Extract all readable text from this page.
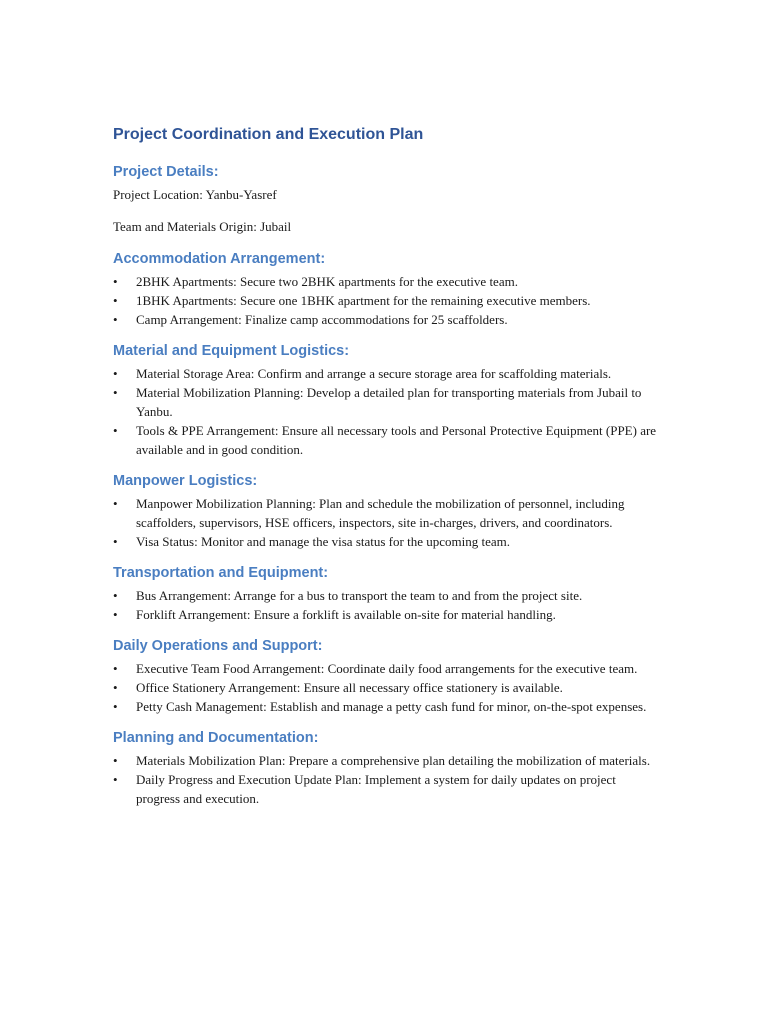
Project Coordination and Execution Plan
Project Details:

Project Location: Yanbu-Yasref

Team and Materials Origin: Jubail

Accommodation Arrangement:
• 2BHK Apartments: Secure two 2BHK apartments for the executive team.
• 1BHK Apartments: Secure one 1BHK apartment for the remaining executive members.
• Camp Arrangement: Finalize camp accommodations for 25 scaffolders.
Material and Equipment Logistics:
• Material Storage Area: Confirm and arrange a secure storage area for scaffolding materials.
• Material Mobilization Planning: Develop a detailed plan for transporting materials from Jubail to Yanbu.
• Tools & PPE Arrangement: Ensure all necessary tools and Personal Protective Equipment (PPE) are available and in good condition.
Manpower Logistics:
• Manpower Mobilization Planning: Plan and schedule the mobilization of personnel, including scaffolders, supervisors, HSE officers, inspectors, site in-charges, drivers, and coordinators.
• Visa Status: Monitor and manage the visa status for the upcoming team.
Transportation and Equipment:
• Bus Arrangement: Arrange for a bus to transport the team to and from the project site.
• Forklift Arrangement: Ensure a forklift is available on-site for material handling.
Daily Operations and Support:
• Executive Team Food Arrangement: Coordinate daily food arrangements for the executive team.
• Office Stationery Arrangement: Ensure all necessary office stationery is available.
• Petty Cash Management: Establish and manage a petty cash fund for minor, on-the-spot expenses.
Planning and Documentation:
• Materials Mobilization Plan: Prepare a comprehensive plan detailing the mobilization of materials.
• Daily Progress and Execution Update Plan: Implement a system for daily updates on project progress and execution.
